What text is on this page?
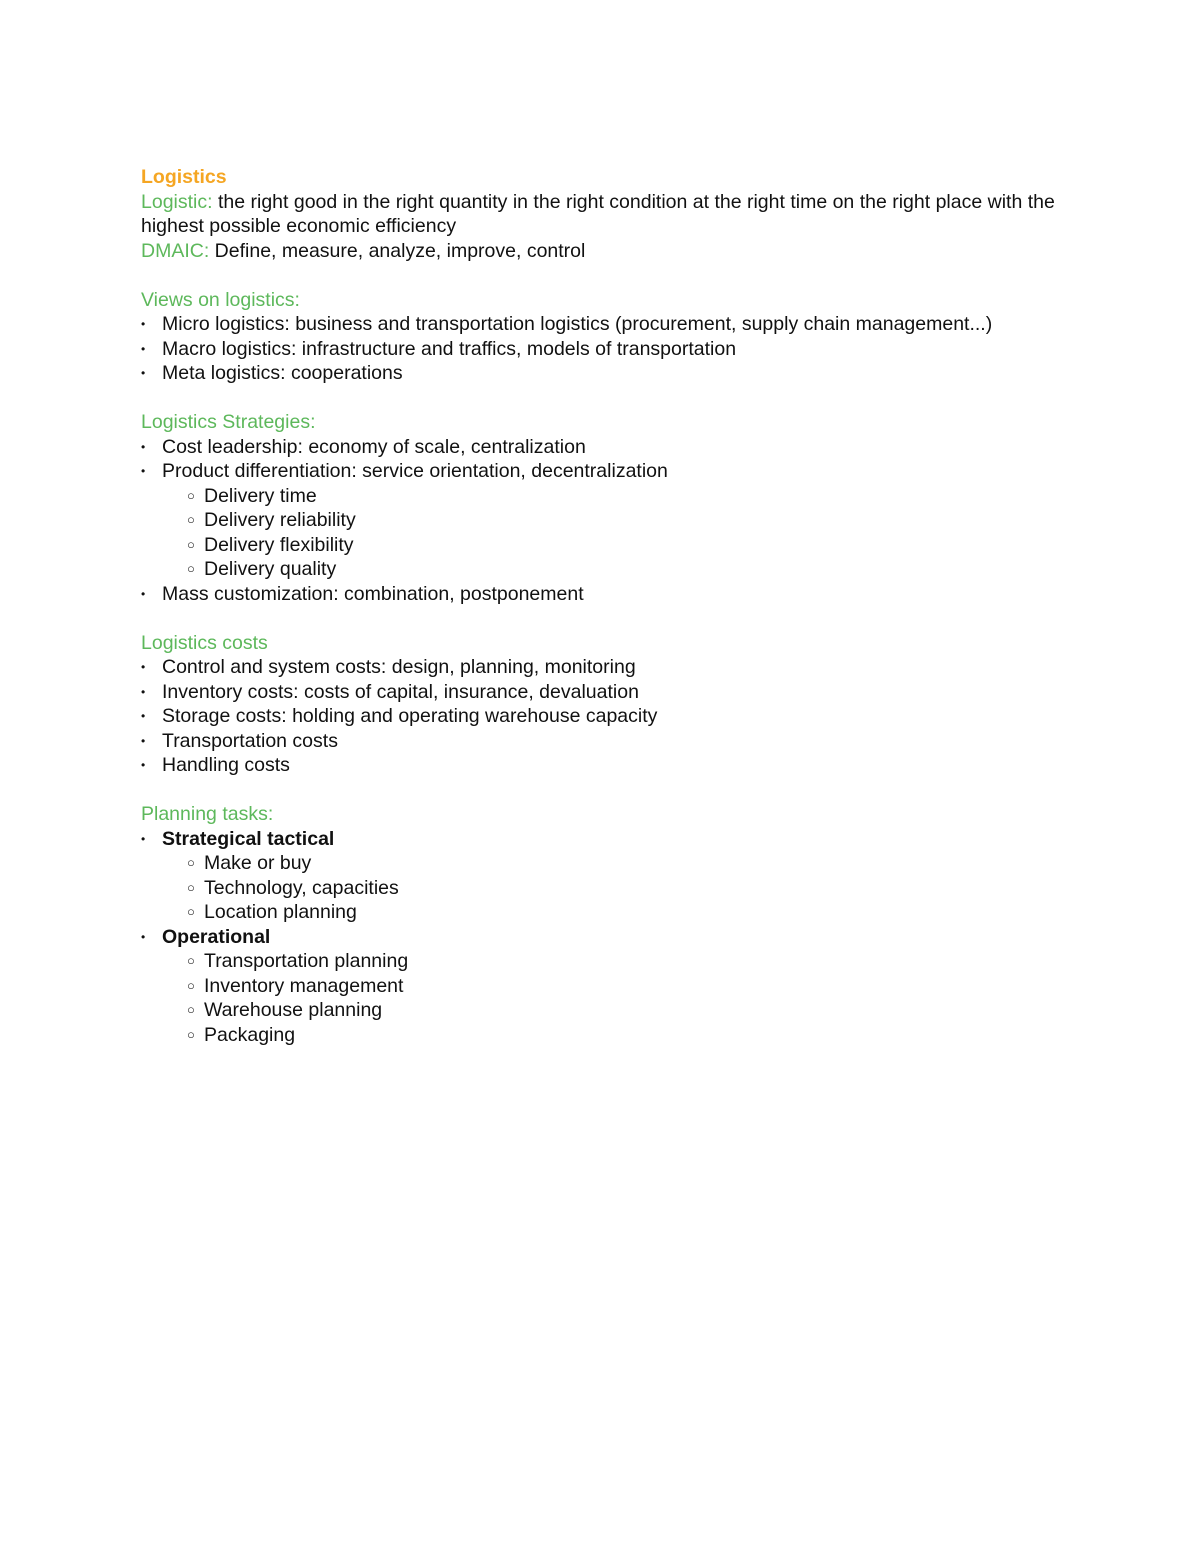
Logistics

Logistic: the right good in the right quantity in the right condition at the right time on the right place with the highest possible economic efficiency

DMAIC: Define, measure, analyze, improve, control

Views on logistics:

• Micro logistics: business and transportation logistics (procurement, supply chain management...)
• Macro logistics: infrastructure and traffics, models of transportation
• Meta logistics: cooperations

Logistics Strategies:

• Cost leadership: economy of scale, centralization
• Product differentiation: service orientation, decentralization
○ Delivery time
○ Delivery reliability
○ Delivery flexibility
○ Delivery quality
• Mass customization: combination, postponement

Logistics costs

• Control and system costs: design, planning, monitoring
• Inventory costs: costs of capital, insurance, devaluation
• Storage costs: holding and operating warehouse capacity
• Transportation costs
• Handling costs

Planning tasks:

• Strategical tactical
○ Make or buy
○ Technology, capacities
○ Location planning
• Operational
○ Transportation planning
○ Inventory management
○ Warehouse planning
○ Packaging
